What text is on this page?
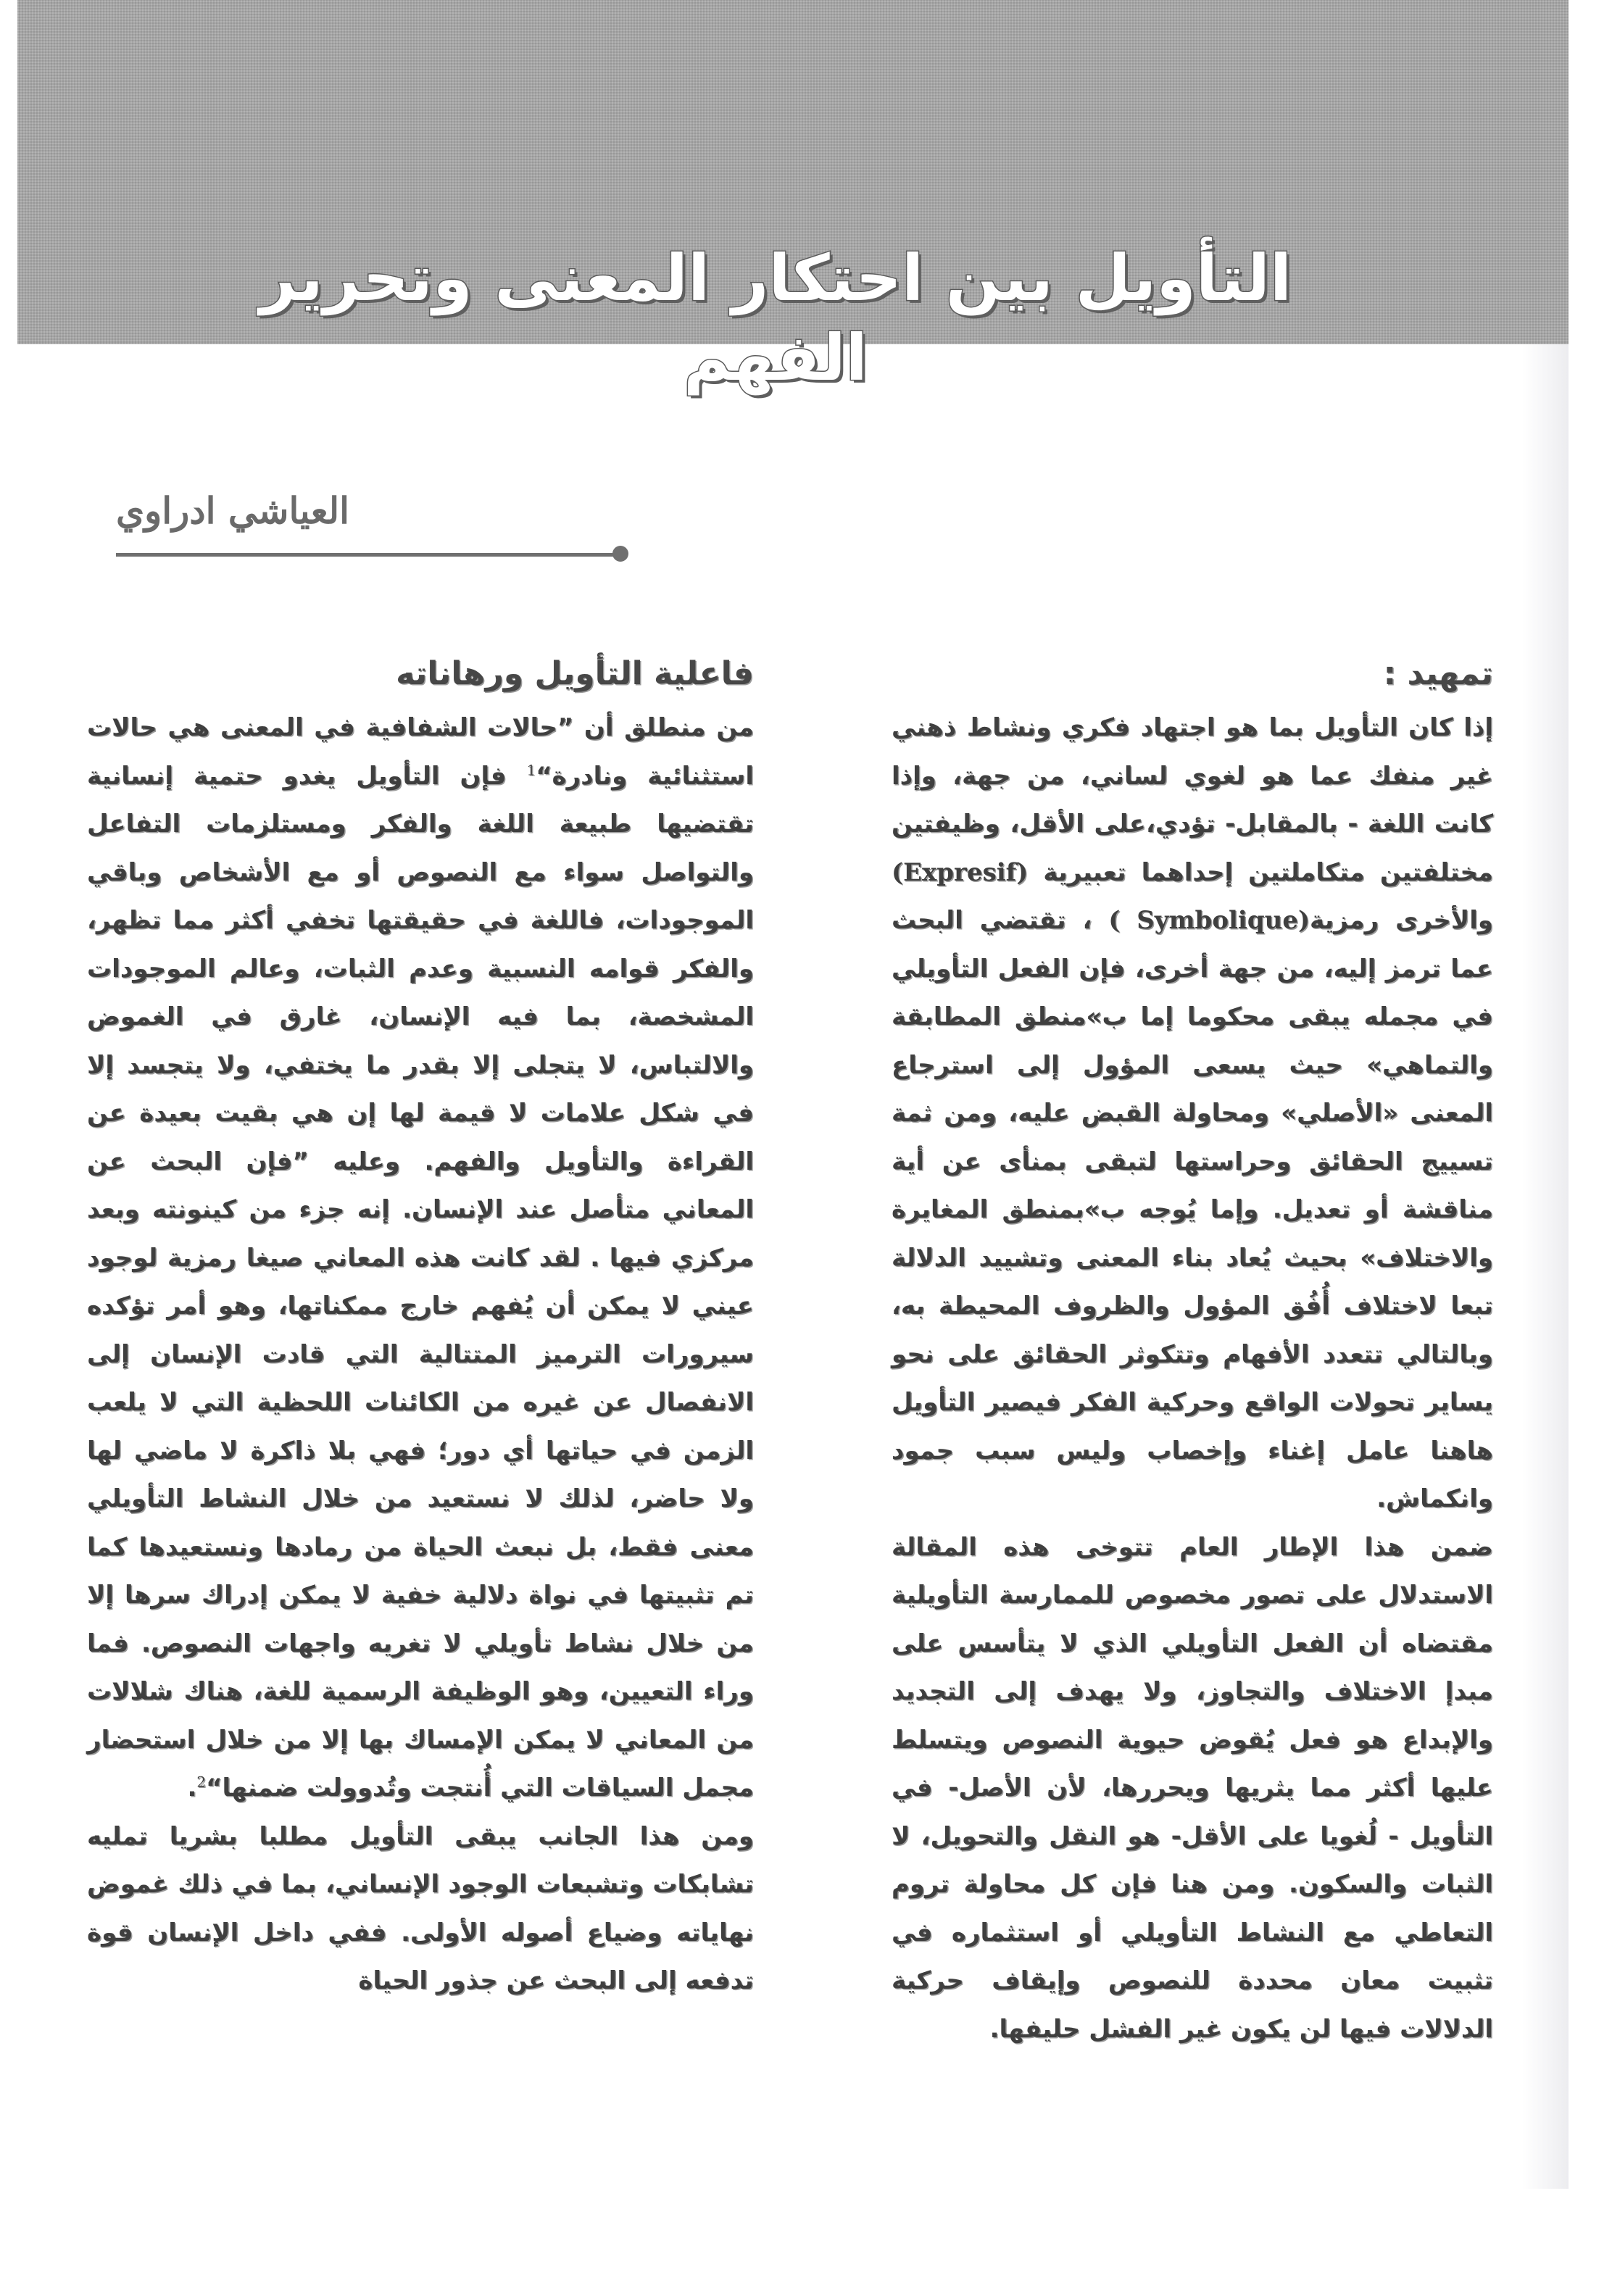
التأويل بين احتكار المعنى وتحرير الفهم
العياشي ادراوي
تمهيد :

إذا كان التأويل بما هو اجتهاد فكري ونشاط ذهني غير منفك عما هو لغوي لساني، من جهة، وإذا كانت اللغة - بالمقابل- تؤدي،على الأقل، وظيفتين مختلفتين متكاملتين إحداهما تعبيرية (Expresif) والأخرى رمزية( Symbolique) ، تقتضي البحث عما ترمز إليه، من جهة أخرى، فإن الفعل التأويلي في مجمله يبقى محكوما إما ب»منطق المطابقة والتماهي» حيث يسعى المؤول إلى استرجاع المعنى «الأصلي» ومحاولة القبض عليه، ومن ثمة تسييج الحقائق وحراستها لتبقى بمنأى عن أية مناقشة أو تعديل. وإما يُوجه ب»بمنطق المغايرة والاختلاف» بحيث يُعاد بناء المعنى وتشييد الدلالة تبعا لاختلاف أُفُق المؤول والظروف المحيطة به، وبالتالي تتعدد الأفهام وتتكوثر الحقائق على نحو يساير تحولات الواقع وحركية الفكر فيصير التأويل هاهنا عامل إغناء وإخصاب وليس سبب جمود وانكماش.

ضمن هذا الإطار العام تتوخى هذه المقالة الاستدلال على تصور مخصوص للممارسة التأويلية مقتضاه أن الفعل التأويلي الذي لا يتأسس على مبدإ الاختلاف والتجاوز، ولا يهدف إلى التجديد والإبداع هو فعل يُقوض حيوية النصوص ويتسلط عليها أكثر مما يثريها ويحررها، لأن الأصل- في التأويل - لُغويا على الأقل- هو النقل والتحويل، لا الثبات والسكون. ومن هنا فإن كل محاولة تروم التعاطي مع النشاط التأويلي أو استثماره في تثبيت معان محددة للنصوص وإيقاف حركية الدلالات فيها لن يكون غير الفشل حليفها.

فاعلية التأويل ورهاناته

من منطلق أن ”حالات الشفافية في المعنى هي حالات استثنائية ونادرة“$^1$ فإن التأويل يغدو حتمية إنسانية تقتضيها طبيعة اللغة والفكر ومستلزمات التفاعل والتواصل سواء مع النصوص أو مع الأشخاص وباقي الموجودات، فاللغة في حقيقتها تخفي أكثر مما تظهر، والفكر قوامه النسبية وعدم الثبات، وعالم الموجودات المشخصة، بما فيه الإنسان، غارق في الغموض والالتباس، لا يتجلى إلا بقدر ما يختفي، ولا يتجسد إلا في شكل علامات لا قيمة لها إن هي بقيت بعيدة عن القراءة والتأويل والفهم. وعليه ”فإن البحث عن المعاني متأصل عند الإنسان. إنه جزء من كينونته وبعد مركزي فيها . لقد كانت هذه المعاني صيغا رمزية لوجود عيني لا يمكن أن يُفهم خارج ممكناتها، وهو أمر تؤكده سيرورات الترميز المتتالية التي قادت الإنسان إلى الانفصال عن غيره من الكائنات اللحظية التي لا يلعب الزمن في حياتها أي دور؛ فهي بلا ذاكرة لا ماضي لها ولا حاضر، لذلك لا نستعيد من خلال النشاط التأويلي معنى فقط، بل نبعث الحياة من رمادها ونستعيدها كما تم تثبيتها في نواة دلالية خفية لا يمكن إدراك سرها إلا من خلال نشاط تأويلي لا تغريه واجهات النصوص. فما وراء التعيين، وهو الوظيفة الرسمية للغة، هناك شلالات من المعاني لا يمكن الإمساك بها إلا من خلال استحضار مجمل السياقات التي أُنتجت وتُدوولت ضمنها“$^2$.

ومن هذا الجانب يبقى التأويل مطلبا بشريا تمليه تشابكات وتشبعات الوجود الإنساني، بما في ذلك غموض نهاياته وضياع أصوله الأولى. ففي داخل الإنسان قوة تدفعه إلى البحث عن جذور الحياة
